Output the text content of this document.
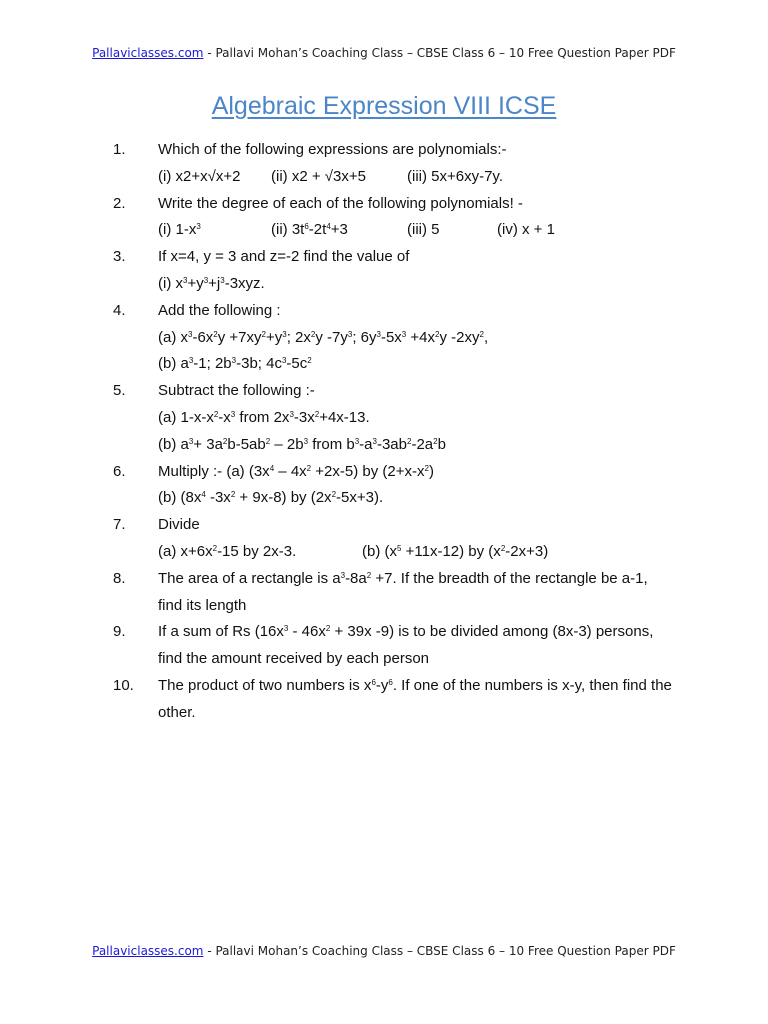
Pallaviclasses.com - Pallavi Mohan’s Coaching Class – CBSE Class 6 – 10 Free Question Paper PDF
Algebraic Expression VIII ICSE
1. Which of the following expressions are polynomials:-
(i) x2+x√x+2 (ii) x2 + √3x+5	(iii) 5x+6xy-7y.
2. Write the degree of each of the following polynomials! -
(i) $1-x^3$	(ii) $3t^6-2t^4+3$	(iii) 5	(iv) x + 1
3. If x=4, y = 3 and z=-2 find the value of
(i) $x^3+y^3+j^3-3xyz$.
4. Add the following :
(a) $x^3-6x^2y +7xy^2+y^3$; $2x^2y$ $-7y^3$; $6y^3-5x^3 +4x^2y$ $-2xy^2$,
(b) $a^3-1$; $2b^3-3b$; $4c^3-5c^2$
5. Subtract the following :-
(a) $1-x-x^2-x^3$ from $2x^3-3x^2+4x-13$.
(b) $a^3+ 3a^2b-5ab^2 - 2b^3$ from $b^3-a^3-3ab^2-2a^2b$
6. Multiply :- (a) $(3x^4 - 4x^2 +2x-5)$ by $(2+x-x^2)$
(b) ($8x^4$ $-3x^2 + 9x-8$) by $(2x^2-5x+3)$.
7. Divide
(a) $x+6x^2-15$ by 2x-3.	(b) $(x^5 +11x-12)$ by $(x^2-2x+3)$
8. The area of a rectangle is $a^3-8a^2 +7$. If the breadth of the rectangle be a-1,
find its length
9. If a sum of Rs ($16x^3 - 46x^2 + 39x$ -9) is to be divided among (8x-3) persons,
find the amount received by each person
10. The product of two numbers is $x^6-y^6$. If one of the numbers is x-y, then find the
other.
Pallaviclasses.com - Pallavi Mohan’s Coaching Class – CBSE Class 6 – 10 Free Question Paper PDF
